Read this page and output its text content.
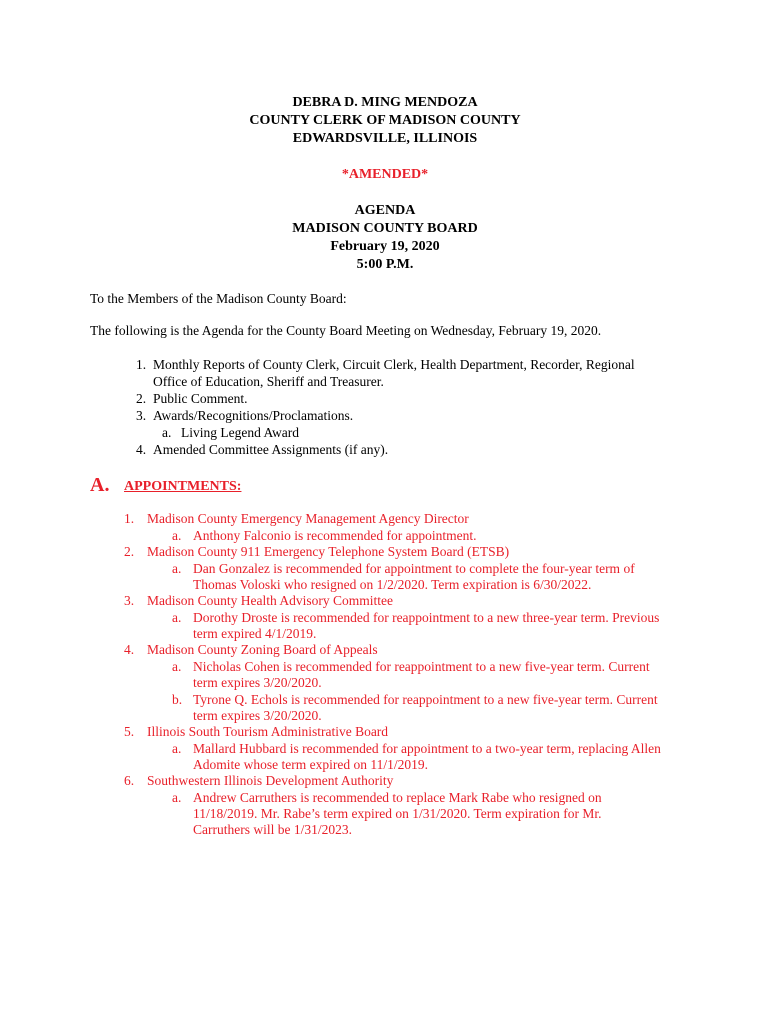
DEBRA D. MING MENDOZA
COUNTY CLERK OF MADISON COUNTY
EDWARDSVILLE, ILLINOIS
*AMENDED*
AGENDA
MADISON COUNTY BOARD
February 19, 2020
5:00 P.M.
To the Members of the Madison County Board:
The following is the Agenda for the County Board Meeting on Wednesday, February 19, 2020.
1. Monthly Reports of County Clerk, Circuit Clerk, Health Department, Recorder, Regional
Office of Education, Sheriff and Treasurer.
2. Public Comment.
3. Awards/Recognitions/Proclamations.
a. Living Legend Award
4. Amended Committee Assignments (if any).
A. APPOINTMENTS:
1. Madison County Emergency Management Agency Director
a. Anthony Falconio is recommended for appointment.
2. Madison County 911 Emergency Telephone System Board (ETSB)
a. Dan Gonzalez is recommended for appointment to complete the four-year term of
Thomas Voloski who resigned on 1/2/2020. Term expiration is 6/30/2022.
3. Madison County Health Advisory Committee
a. Dorothy Droste is recommended for reappointment to a new three-year term. Previous
term expired 4/1/2019.
4. Madison County Zoning Board of Appeals
a. Nicholas Cohen is recommended for reappointment to a new five-year term. Current
term expires 3/20/2020.
b. Tyrone Q. Echols is recommended for reappointment to a new five-year term. Current
term expires 3/20/2020.
5. Illinois South Tourism Administrative Board
a. Mallard Hubbard is recommended for appointment to a two-year term, replacing Allen
Adomite whose term expired on 11/1/2019.
6. Southwestern Illinois Development Authority
a. Andrew Carruthers is recommended to replace Mark Rabe who resigned on
11/18/2019. Mr. Rabe’s term expired on 1/31/2020. Term expiration for Mr.
Carruthers will be 1/31/2023.
